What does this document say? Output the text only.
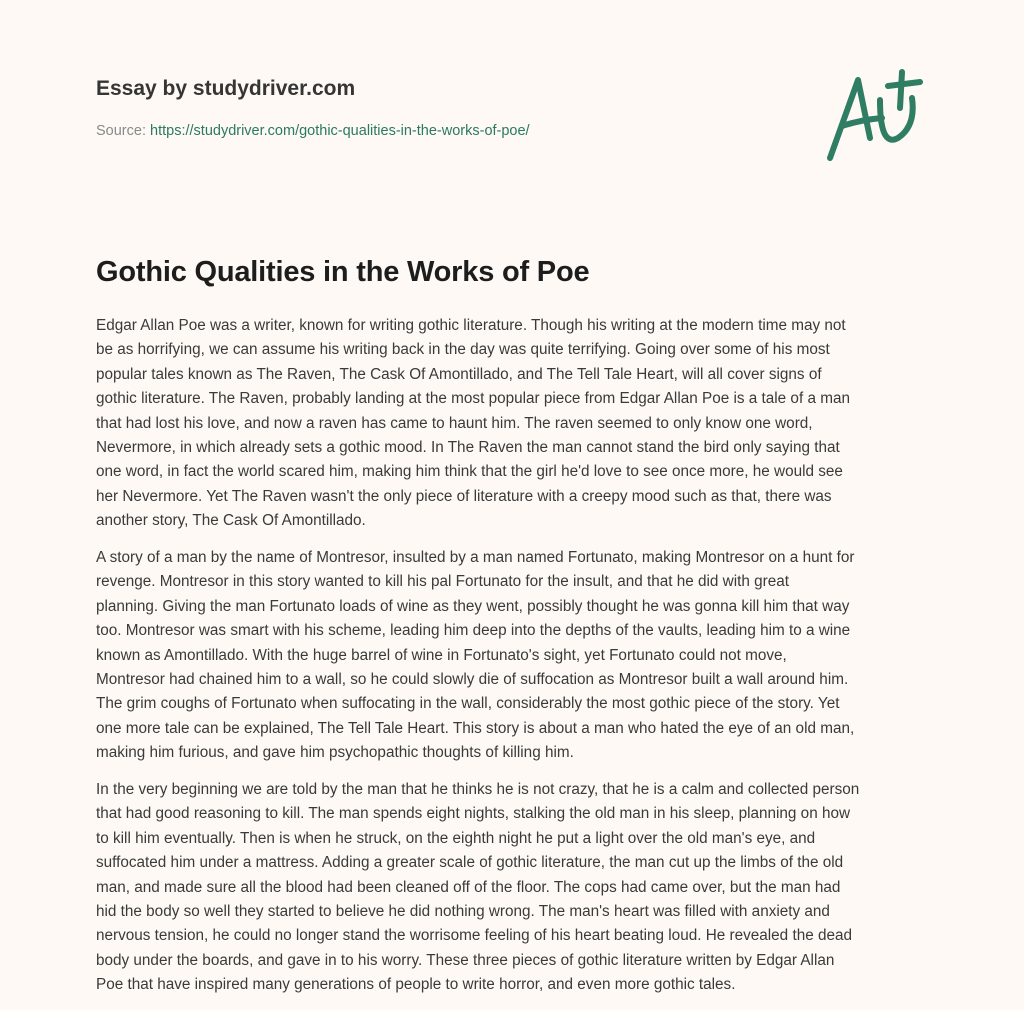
Essay by studydriver.com
Source: https://studydriver.com/gothic-qualities-in-the-works-of-poe/
Gothic Qualities in the Works of Poe

Edgar Allan Poe was a writer, known for writing gothic literature. Though his writing at the modern time may not
be as horrifying, we can assume his writing back in the day was quite terrifying. Going over some of his most
popular tales known as The Raven, The Cask Of Amontillado, and The Tell Tale Heart, will all cover signs of
gothic literature. The Raven, probably landing at the most popular piece from Edgar Allan Poe is a tale of a man
that had lost his love, and now a raven has came to haunt him. The raven seemed to only know one word,
Nevermore, in which already sets a gothic mood. In The Raven the man cannot stand the bird only saying that
one word, in fact the world scared him, making him think that the girl he'd love to see once more, he would see
her Nevermore. Yet The Raven wasn't the only piece of literature with a creepy mood such as that, there was
another story, The Cask Of Amontillado.

A story of a man by the name of Montresor, insulted by a man named Fortunato, making Montresor on a hunt for
revenge. Montresor in this story wanted to kill his pal Fortunato for the insult, and that he did with great
planning. Giving the man Fortunato loads of wine as they went, possibly thought he was gonna kill him that way
too. Montresor was smart with his scheme, leading him deep into the depths of the vaults, leading him to a wine
known as Amontillado. With the huge barrel of wine in Fortunato's sight, yet Fortunato could not move,
Montresor had chained him to a wall, so he could slowly die of suffocation as Montresor built a wall around him.
The grim coughs of Fortunato when suffocating in the wall, considerably the most gothic piece of the story. Yet
one more tale can be explained, The Tell Tale Heart. This story is about a man who hated the eye of an old man,
making him furious, and gave him psychopathic thoughts of killing him.

In the very beginning we are told by the man that he thinks he is not crazy, that he is a calm and collected person
that had good reasoning to kill. The man spends eight nights, stalking the old man in his sleep, planning on how
to kill him eventually. Then is when he struck, on the eighth night he put a light over the old man's eye, and
suffocated him under a mattress. Adding a greater scale of gothic literature, the man cut up the limbs of the old
man, and made sure all the blood had been cleaned off of the floor. The cops had came over, but the man had
hid the body so well they started to believe he did nothing wrong. The man's heart was filled with anxiety and
nervous tension, he could no longer stand the worrisome feeling of his heart beating loud. He revealed the dead
body under the boards, and gave in to his worry. These three pieces of gothic literature written by Edgar Allan
Poe that have inspired many generations of people to write horror, and even more gothic tales.
